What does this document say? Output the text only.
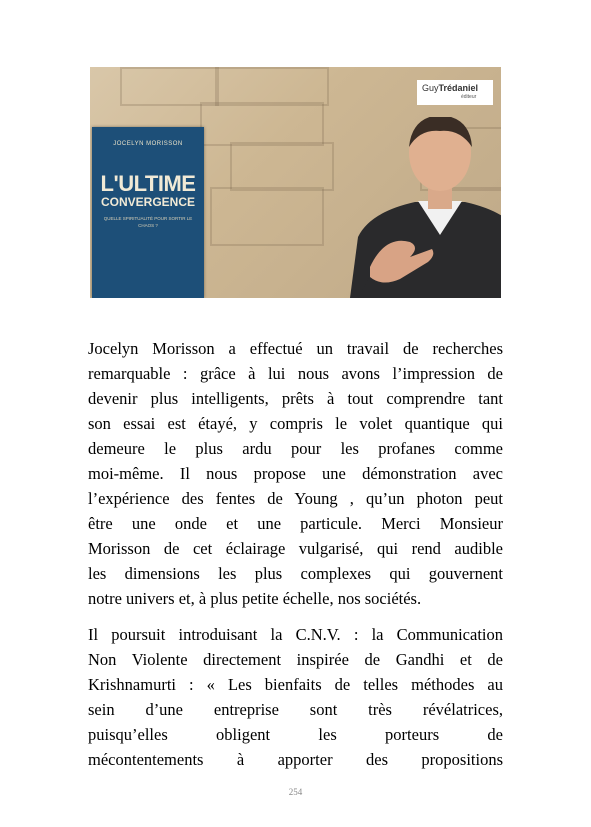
JOCELYN MORISSON
L'ULTIME
CONVERGENCE
QUELLE SPIRITUALITÉ POUR SORTIR LE CHAOS ?
GuyTrédaniel
éditeur

Jocelyn Morisson a effectué un travail de recherches
remarquable : grâce à lui nous avons l’impression de
devenir plus intelligents, prêts à tout comprendre tant
son essai est étayé, y compris le volet quantique qui
demeure le plus ardu pour les profanes comme
moi-même. Il nous propose une démonstration avec
l’expérience des fentes de Young , qu’un photon peut
être une onde et une particule. Merci Monsieur
Morisson de cet éclairage vulgarisé, qui rend audible
les dimensions les plus complexes qui gouvernent
notre univers et, à plus petite échelle, nos sociétés.

Il poursuit introduisant la C.N.V. : la Communication
Non Violente directement inspirée de Gandhi et de
Krishnamurti : « Les bienfaits de telles méthodes au
sein d’une entreprise sont très révélatrices,
puisqu’elles obligent les porteurs de
mécontentements à apporter des propositions

254
